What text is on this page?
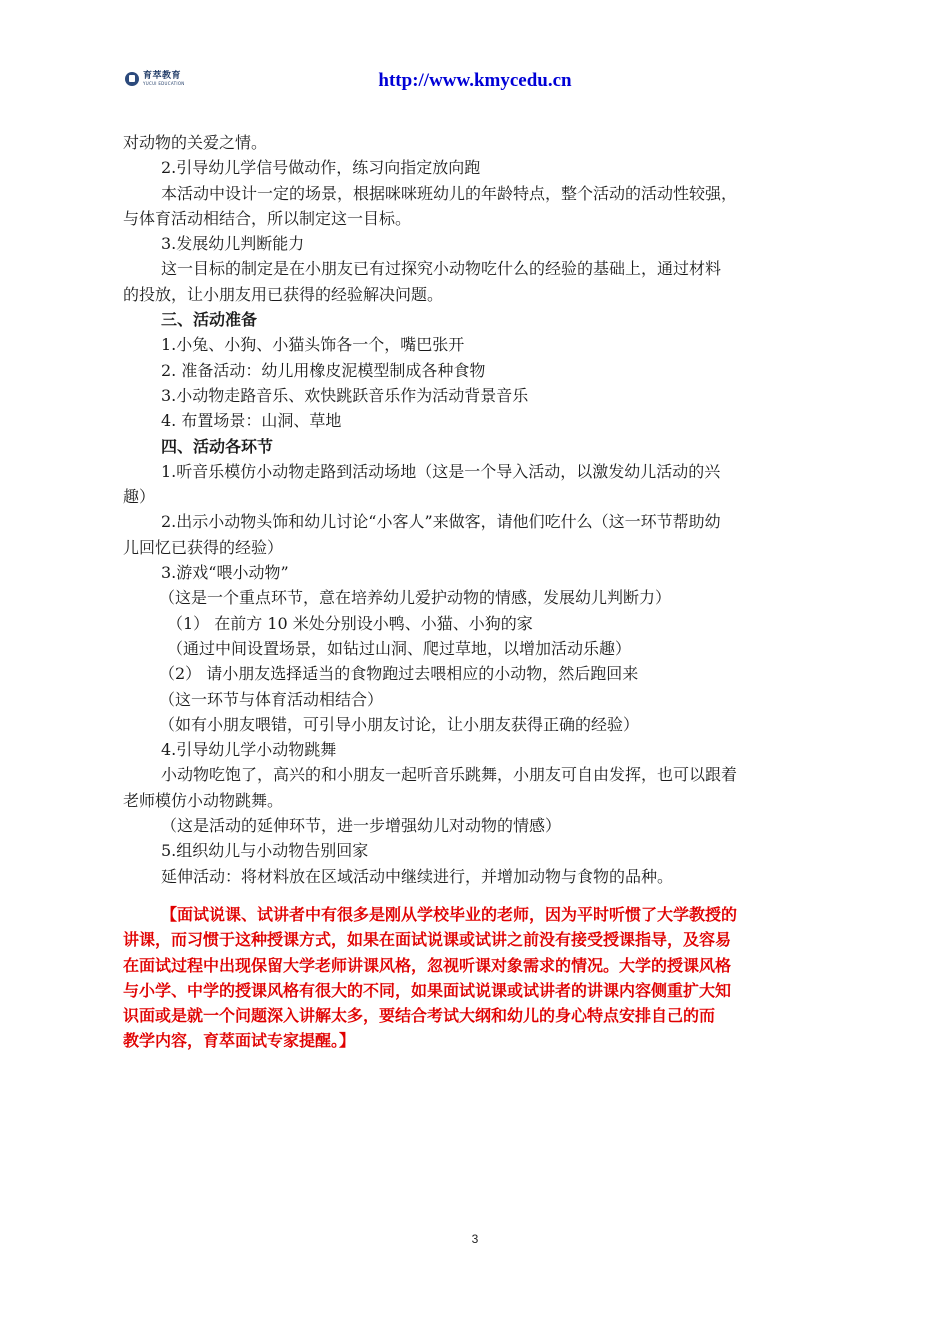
育萃教育
YUCUI EDUCATION	http://www.kmycedu.cn
对动物的关爱之情。
2.引导幼儿学信号做动作，练习向指定放向跑
本活动中设计一定的场景，根据咪咪班幼儿的年龄特点，整个活动的活动性较强，
与体育活动相结合，所以制定这一目标。
3.发展幼儿判断能力
这一目标的制定是在小朋友已有过探究小动物吃什么的经验的基础上，通过材料
的投放，让小朋友用已获得的经验解决问题。
三、活动准备
1.小兔、小狗、小猫头饰各一个，嘴巴张开
2. 准备活动：幼儿用橡皮泥模型制成各种食物
3.小动物走路音乐、欢快跳跃音乐作为活动背景音乐
4. 布置场景：山洞、草地
四、活动各环节
1.听音乐模仿小动物走路到活动场地（这是一个导入活动，以激发幼儿活动的兴
趣）
2.出示小动物头饰和幼儿讨论“小客人”来做客，请他们吃什么（这一环节帮助幼
儿回忆已获得的经验）
3.游戏“喂小动物”
（这是一个重点环节，意在培养幼儿爱护动物的情感，发展幼儿判断力）
（1） 在前方 10 米处分别设小鸭、小猫、小狗的家
（通过中间设置场景，如钻过山洞、爬过草地，以增加活动乐趣）
（2） 请小朋友选择适当的食物跑过去喂相应的小动物，然后跑回来
（这一环节与体育活动相结合）
（如有小朋友喂错，可引导小朋友讨论，让小朋友获得正确的经验）
4.引导幼儿学小动物跳舞
小动物吃饱了，高兴的和小朋友一起听音乐跳舞，小朋友可自由发挥，也可以跟着
老师模仿小动物跳舞。
（这是活动的延伸环节，进一步增强幼儿对动物的情感）
5.组织幼儿与小动物告别回家
延伸活动：将材料放在区域活动中继续进行，并增加动物与食物的品种。
【面试说课、试讲者中有很多是刚从学校毕业的老师，因为平时听惯了大学教授的
讲课，而习惯于这种授课方式，如果在面试说课或试讲之前没有接受授课指导，及容易
在面试过程中出现保留大学老师讲课风格，忽视听课对象需求的情况。大学的授课风格
与小学、中学的授课风格有很大的不同，如果面试说课或试讲者的讲课内容侧重扩大知
识面或是就一个问题深入讲解太多，要结合考试大纲和幼儿的身心特点安排自己的而
教学内容，育萃面试专家提醒。】
3
